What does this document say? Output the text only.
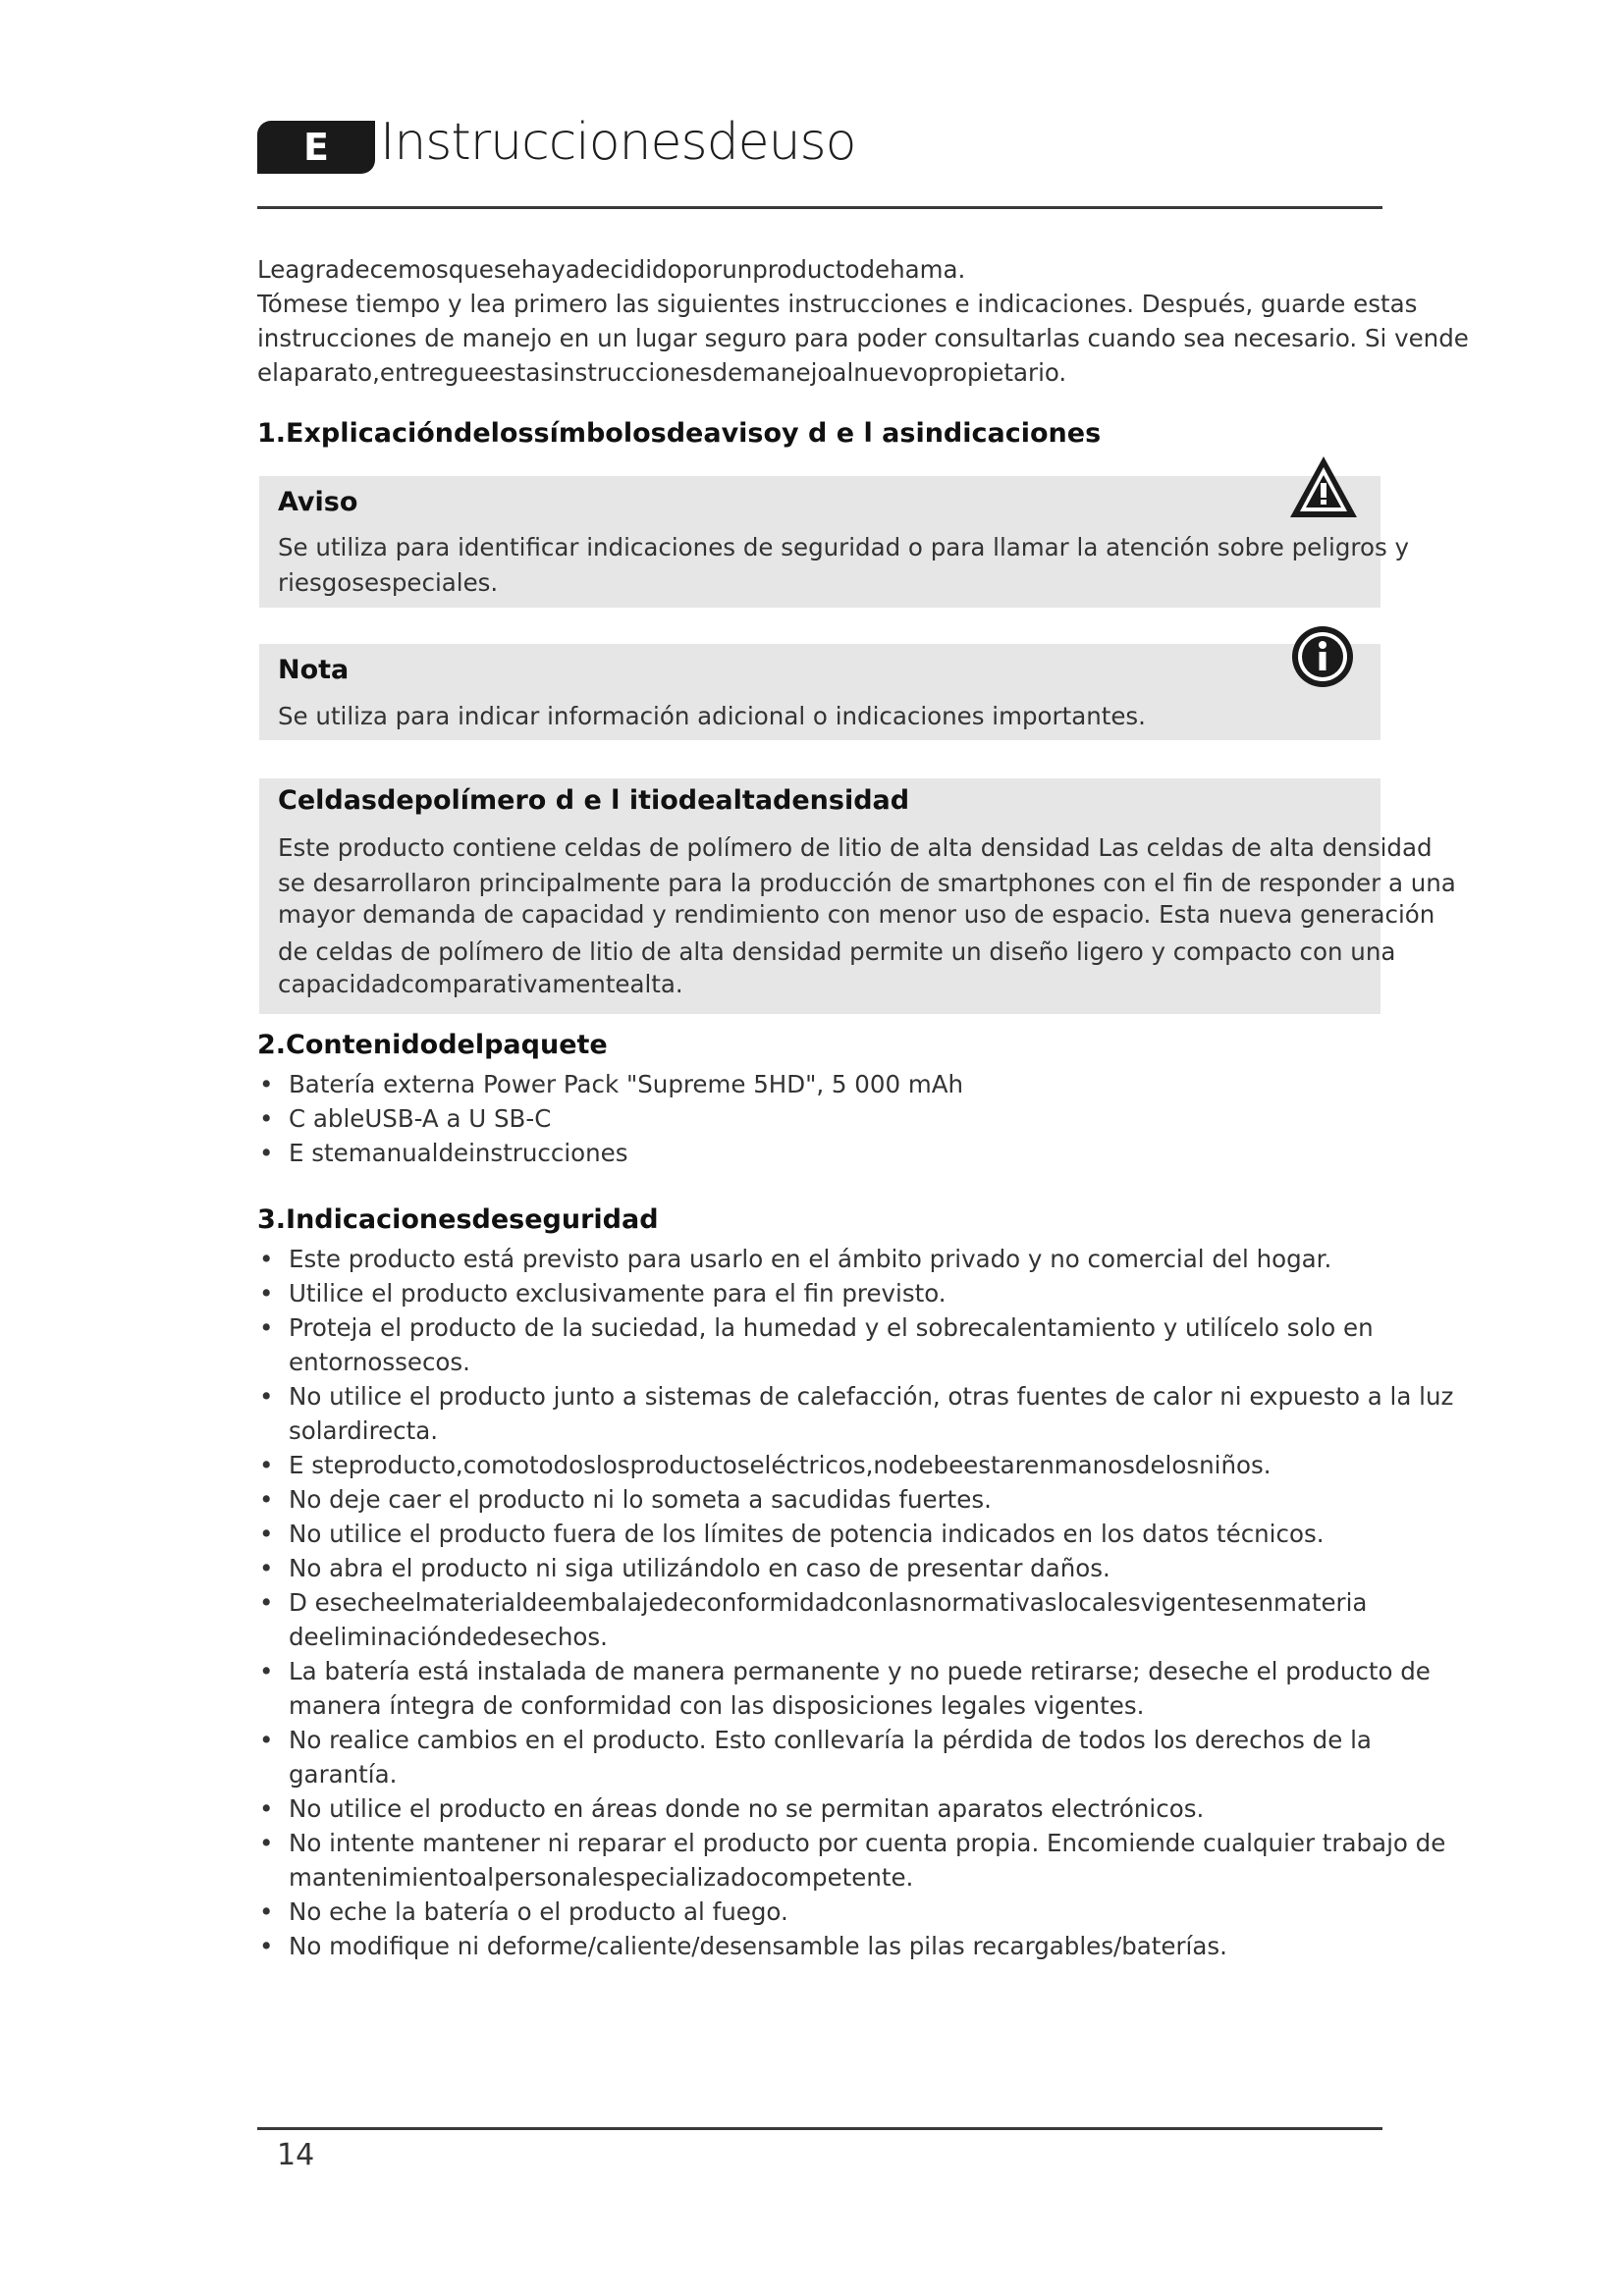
E Instruccionesdeuso
Leagradecemosquesehayadecididoporunproductodehama.
Tómese tiempo y lea primero las siguientes instrucciones e indicaciones. Después, guarde estas
instrucciones de manejo en un lugar seguro para poder consultarlas cuando sea necesario. Si vende
elaparato,entregueestasinstruccionesdemanejoalnuevopropietario.
1.Explicacióndelossímbolosdeavisoy d e l asindicaciones
Aviso
Se utiliza para identificar indicaciones de seguridad o para llamar la atención sobre peligros y
riesgosespeciales.
Nota
Se utiliza para indicar información adicional o indicaciones importantes.
Celdasdepolímero d e l itiodealtadensidad
Este producto contiene celdas de polímero de litio de alta densidad Las celdas de alta densidad
se desarrollaron principalmente para la producción de smartphones con el fin de responder a una
mayor demanda de capacidad y rendimiento con menor uso de espacio. Esta nueva generación
de celdas de polímero de litio de alta densidad permite un diseño ligero y compacto con una
capacidadcomparativamentealta.
2.Contenidodelpaquete
• Batería externa Power Pack "Supreme 5HD", 5 000 mAh
• C ableUSB-A a U SB-C
• E stemanualdeinstrucciones
3.Indicacionesdeseguridad
• Este producto está previsto para usarlo en el ámbito privado y no comercial del hogar.
• Utilice el producto exclusivamente para el fin previsto.
• Proteja el producto de la suciedad, la humedad y el sobrecalentamiento y utilícelo solo en
entornossecos.
• No utilice el producto junto a sistemas de calefacción, otras fuentes de calor ni expuesto a la luz
solardirecta.
• E steproducto,comotodoslosproductoseléctricos,nodebeestarenmanosdelosniños.
• No deje caer el producto ni lo someta a sacudidas fuertes.
• No utilice el producto fuera de los límites de potencia indicados en los datos técnicos.
• No abra el producto ni siga utilizándolo en caso de presentar daños.
• D esecheelmaterialdeembalajedeconformidadconlasnormativaslocalesvigentesenmateria
deeliminacióndedesechos.
• La batería está instalada de manera permanente y no puede retirarse; deseche el producto de
manera íntegra de conformidad con las disposiciones legales vigentes.
• No realice cambios en el producto. Esto conllevaría la pérdida de todos los derechos de la
garantía.
• No utilice el producto en áreas donde no se permitan aparatos electrónicos.
• No intente mantener ni reparar el producto por cuenta propia. Encomiende cualquier trabajo de
mantenimientoalpersonalespecializadocompetente.
• No eche la batería o el producto al fuego.
• No modifique ni deforme/caliente/desensamble las pilas recargables/baterías.
14
